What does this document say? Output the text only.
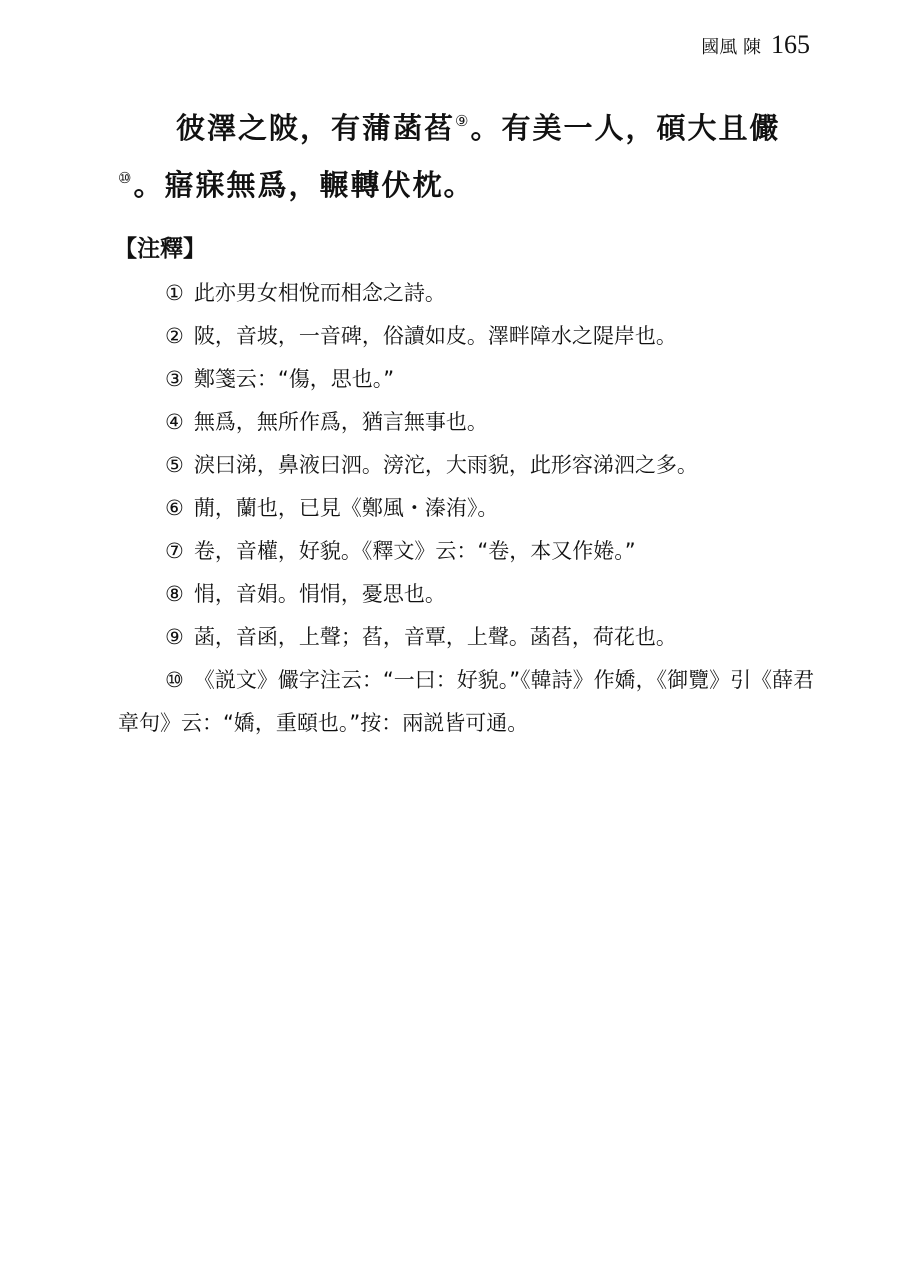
國風 陳 165

彼澤之陂，有蒲菡萏⑨。有美一人，碩大且儼⑩。寤寐無爲，輾轉伏枕。

【注釋】
① 此亦男女相悅而相念之詩。
② 陂，音坡，一音碑，俗讀如皮。澤畔障水之隄岸也。
③ 鄭箋云：“傷，思也。”
④ 無爲，無所作爲，猶言無事也。
⑤ 淚曰涕，鼻液曰泗。滂沱，大雨貌，此形容涕泗之多。
⑥ 蕑，蘭也，已見《鄭風・溱洧》。
⑦ 卷，音權，好貌。《釋文》云：“卷，本又作婘。”
⑧ 悁，音娟。悁悁，憂思也。
⑨ 菡，音函，上聲；萏，音覃，上聲。菡萏，荷花也。
⑩ 《説文》儼字注云：“一曰：好貌。”《韓詩》作嬌，《御覽》引《薛君章句》云：“嬌，重頤也。”按：兩説皆可通。
